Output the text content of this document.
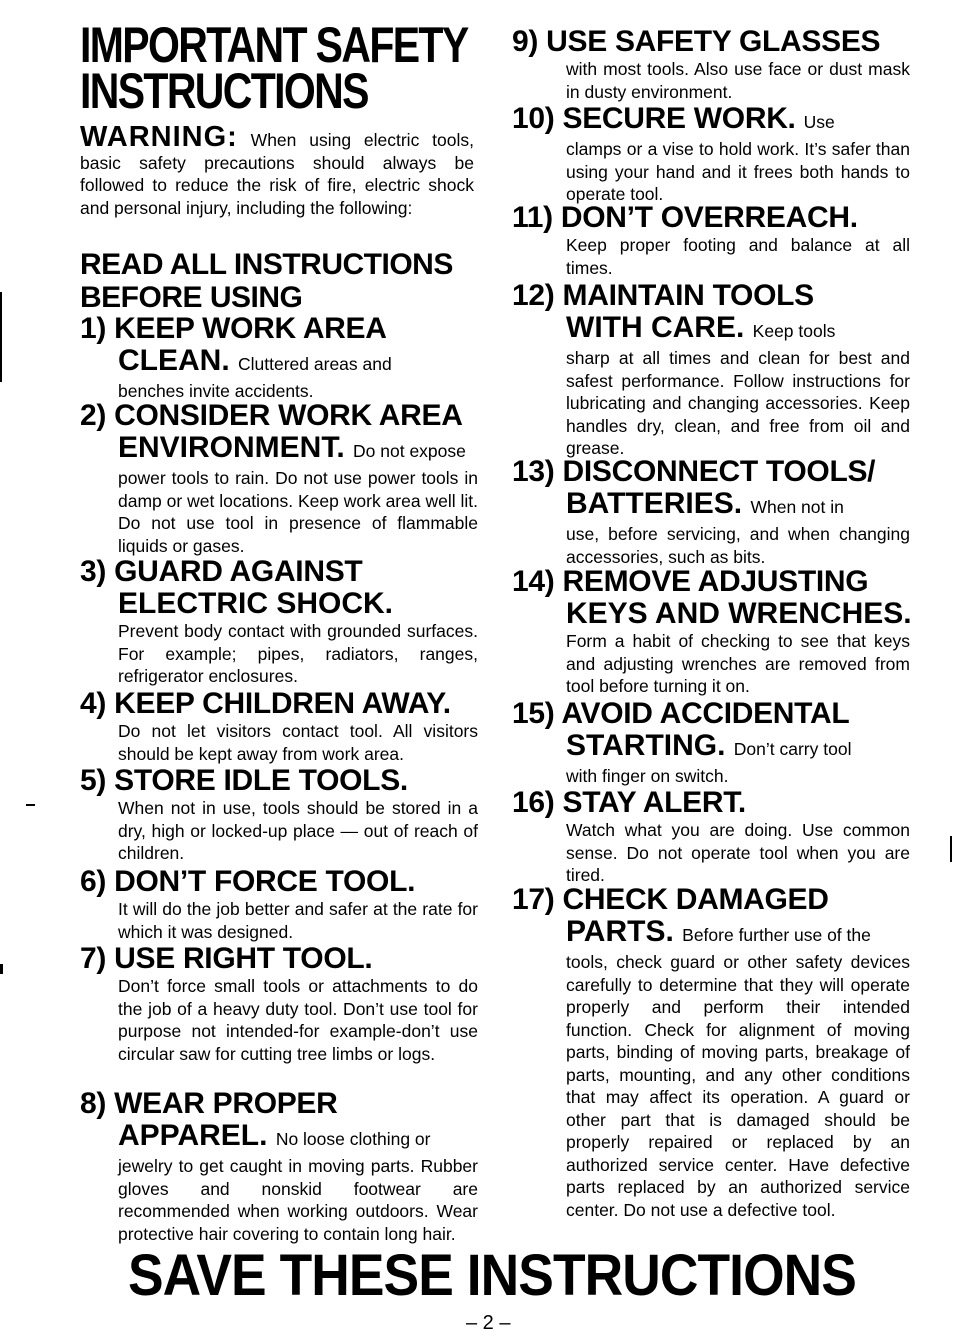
IMPORTANT SAFETY
INSTRUCTIONS
WARNING: When using electric tools, basic safety precautions should always be followed to reduce the risk of fire, electric shock and personal injury, including the following:
READ ALL INSTRUCTIONS
BEFORE USING
1) KEEP WORK AREA
CLEAN. Cluttered areas and
benches invite accidents.
2) CONSIDER WORK AREA
ENVIRONMENT. Do not expose
power tools to rain. Do not use power tools in damp or wet locations. Keep work area well lit. Do not use tool in presence of flammable liquids or gases.
3) GUARD AGAINST
ELECTRIC SHOCK.
Prevent body contact with grounded surfaces. For example; pipes, radiators, ranges, refrigerator enclosures.
4) KEEP CHILDREN AWAY.
Do not let visitors contact tool. All visitors should be kept away from work area.
5) STORE IDLE TOOLS.
When not in use, tools should be stored in a dry, high or locked-up place — out of reach of children.
6) DON’T FORCE TOOL.
It will do the job better and safer at the rate for which it was designed.
7) USE RIGHT TOOL.
Don’t force small tools or attachments to do the job of a heavy duty tool. Don’t use tool for purpose not intended-for example-don’t use circular saw for cutting tree limbs or logs.
8) WEAR PROPER
APPAREL. No loose clothing or
jewelry to get caught in moving parts. Rubber gloves and nonskid footwear are recommended when working outdoors. Wear protective hair covering to contain long hair.
9) USE SAFETY GLASSES
with most tools. Also use face or dust mask in dusty environment.
10) SECURE WORK. Use
clamps or a vise to hold work. It’s safer than using your hand and it frees both hands to operate tool.
11) DON’T OVERREACH.
Keep proper footing and balance at all times.
12) MAINTAIN TOOLS
WITH CARE. Keep tools
sharp at all times and clean for best and safest performance. Follow instructions for lubricating and changing accessories. Keep handles dry, clean, and free from oil and grease.
13) DISCONNECT TOOLS/
BATTERIES. When not in
use, before servicing, and when changing accessories, such as bits.
14) REMOVE ADJUSTING
KEYS AND WRENCHES.
Form a habit of checking to see that keys and adjusting wrenches are removed from tool before turning it on.
15) AVOID ACCIDENTAL
STARTING. Don’t carry tool
with finger on switch.
16) STAY ALERT.
Watch what you are doing. Use common sense. Do not operate tool when you are tired.
17) CHECK DAMAGED
PARTS. Before further use of the
tools, check guard or other safety devices carefully to determine that they will operate properly and perform their intended function. Check for alignment of moving parts, binding of moving parts, breakage of parts, mounting, and any other conditions that may affect its operation. A guard or other part that is damaged should be properly repaired or replaced by an authorized service center. Have defective parts replaced by an authorized service center. Do not use a defective tool.
SAVE THESE INSTRUCTIONS
– 2 –
